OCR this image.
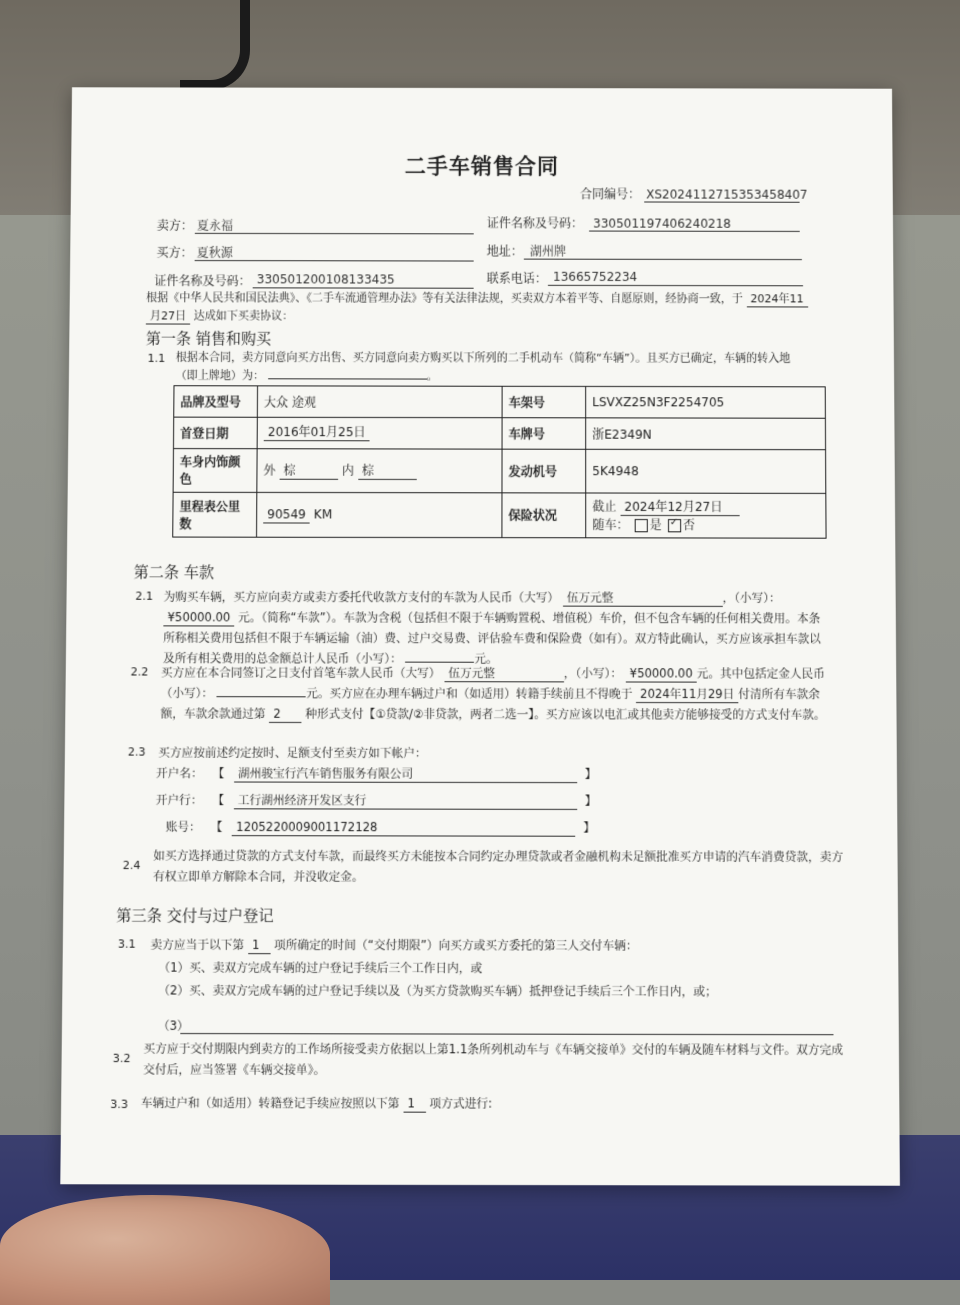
二手车销售合同
合同编号： XS2024112715353458407
卖方： 夏永福	证件名称及号码： 330501197406240218
买方： 夏秋源	地址： 湖州牌
证件名称及号码： 330501200108133435	联系电话： 13665752234
根据《中华人民共和国民法典》、《二手车流通管理办法》等有关法律法规，买卖双方本着平等、自愿原则，经协商一致，于 2024年11月27日 达成如下买卖协议：
第一条 销售和购买
1.1 根据本合同，卖方同意向买方出售、买方同意向卖方购买以下所列的二手机动车（简称“车辆”）。且买方已确定，车辆的转入地
（即上牌地）为：	。
品牌及型号	大众 途观	车架号	LSVXZ25N3F2254705
首登日期	2016年01月25日	车牌号	浙E2349N
车身内饰颜色	外 棕 内 棕	发动机号	5K4948
里程表公里数	90549 KM	保险状况	截止 2024年12月27日
随车： 是 ✓ 否
第二条 车款
2.1 为购买车辆，买方应向卖方或卖方委托代收款方支付的车款为人民币（大写） 伍万元整	，（小写）： ¥50000.00 元。（简称“车款”）。车款为含税（包括但不限于车辆购置税、增值税）车价，但不包含车辆的任何相关费用。本条所称相关费用包括但不限于车辆运输（油）费、过户交易费、评估验车费和保险费（如有）。双方特此确认，买方应该承担车款以及所有相关费用的总金额总计人民币（小写）：	元。
2.2 买方应在本合同签订之日支付首笔车款人民币（大写） 伍万元整	，（小写）： ¥50000.00 元。其中包括定金人民币（小写）：	元。买方应在办理车辆过户和（如适用）转籍手续前且不得晚于 2024年11月29日 付清所有车款余额，车款余款通过第 2 种形式支付【①贷款/②非贷款，两者二选一】。买方应该以电汇或其他卖方能够接受的方式支付车款。
2.3 买方应按前述约定按时、足额支付至卖方如下帐户：
开户名： 【 湖州骏宝行汽车销售服务有限公司	】
开户行： 【 工行湖州经济开发区支行	】
账号： 【 1205220009001172128	】
2.4
如买方选择通过贷款的方式支付车款，而最终买方未能按本合同约定办理贷款或者金融机构未足额批准买方申请的汽车消费贷款，卖方有权立即单方解除本合同，并没收定金。
第三条 交付与过户登记
3.1 卖方应当于以下第 1 项所确定的时间（“交付期限”）向买方或买方委托的第三人交付车辆：
（1）买、卖双方完成车辆的过户登记手续后三个工作日内，或
（2）买、卖双方完成车辆的过户登记手续以及（为买方贷款购买车辆）抵押登记手续后三个工作日内，或；
（3）
3.2
买方应于交付期限内到卖方的工作场所接受卖方依据以上第1.1条所列机动车与《车辆交接单》交付的车辆及随车材料与文件。双方完成交付后，应当签署《车辆交接单》。
3.3 车辆过户和（如适用）转籍登记手续应按照以下第 1 项方式进行:
